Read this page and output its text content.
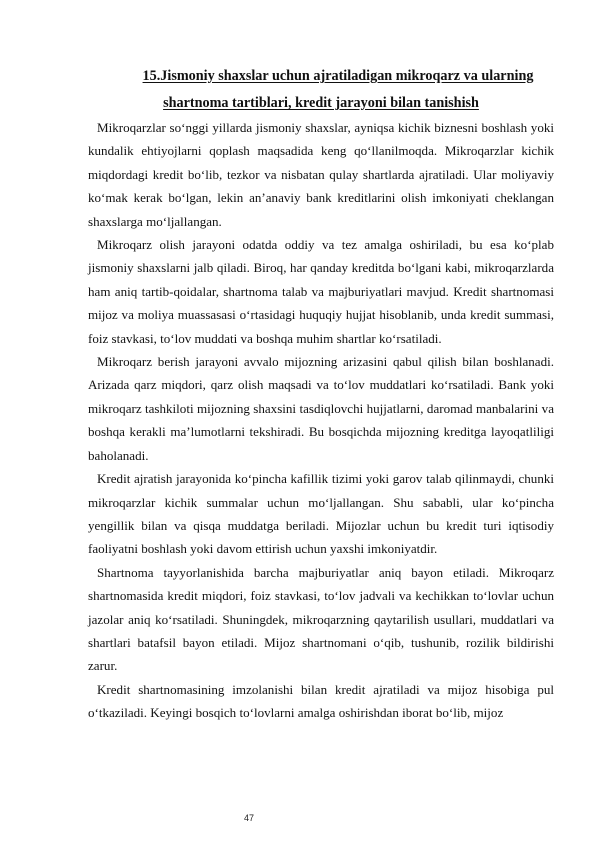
15.Jismoniy shaxslar uchun ajratiladigan mikroqarz va ularning
shartnoma tartiblari, kredit jarayoni bilan tanishish

Mikroqarzlar so‘nggi yillarda jismoniy shaxslar, ayniqsa kichik biznesni boshlash yoki kundalik ehtiyojlarni qoplash maqsadida keng qo‘llanilmoqda. Mikroqarzlar kichik miqdordagi kredit bo‘lib, tezkor va nisbatan qulay shartlarda ajratiladi. Ular moliyaviy ko‘mak kerak bo‘lgan, lekin an’anaviy bank kreditlarini olish imkoniyati cheklangan shaxslarga mo‘ljallangan.

Mikroqarz olish jarayoni odatda oddiy va tez amalga oshiriladi, bu esa ko‘plab jismoniy shaxslarni jalb qiladi. Biroq, har qanday kreditda bo‘lgani kabi, mikroqarzlarda ham aniq tartib-qoidalar, shartnoma talab va majburiyatlari mavjud. Kredit shartnomasi mijoz va moliya muassasasi o‘rtasidagi huquqiy hujjat hisoblanib, unda kredit summasi, foiz stavkasi, to‘lov muddati va boshqa muhim shartlar ko‘rsatiladi.

Mikroqarz berish jarayoni avvalo mijozning arizasini qabul qilish bilan boshlanadi. Arizada qarz miqdori, qarz olish maqsadi va to‘lov muddatlari ko‘rsatiladi. Bank yoki mikroqarz tashkiloti mijozning shaxsini tasdiqlovchi hujjatlarni, daromad manbalarini va boshqa kerakli ma’lumotlarni tekshiradi. Bu bosqichda mijozning kreditga layoqatliligi baholanadi.

Kredit ajratish jarayonida ko‘pincha kafillik tizimi yoki garov talab qilinmaydi, chunki mikroqarzlar kichik summalar uchun mo‘ljallangan. Shu sababli, ular ko‘pincha yengillik bilan va qisqa muddatga beriladi. Mijozlar uchun bu kredit turi iqtisodiy faoliyatni boshlash yoki davom ettirish uchun yaxshi imkoniyatdir.

Shartnoma tayyorlanishida barcha majburiyatlar aniq bayon etiladi. Mikroqarz shartnomasida kredit miqdori, foiz stavkasi, to‘lov jadvali va kechikkan to‘lovlar uchun jazolar aniq ko‘rsatiladi. Shuningdek, mikroqarzning qaytarilish usullari, muddatlari va shartlari batafsil bayon etiladi. Mijoz shartnomani o‘qib, tushunib, rozilik bildirishi zarur.

Kredit shartnomasining imzolanishi bilan kredit ajratiladi va mijoz hisobiga pul o‘tkaziladi. Keyingi bosqich to‘lovlarni amalga oshirishdan iborat bo‘lib, mijoz

47
